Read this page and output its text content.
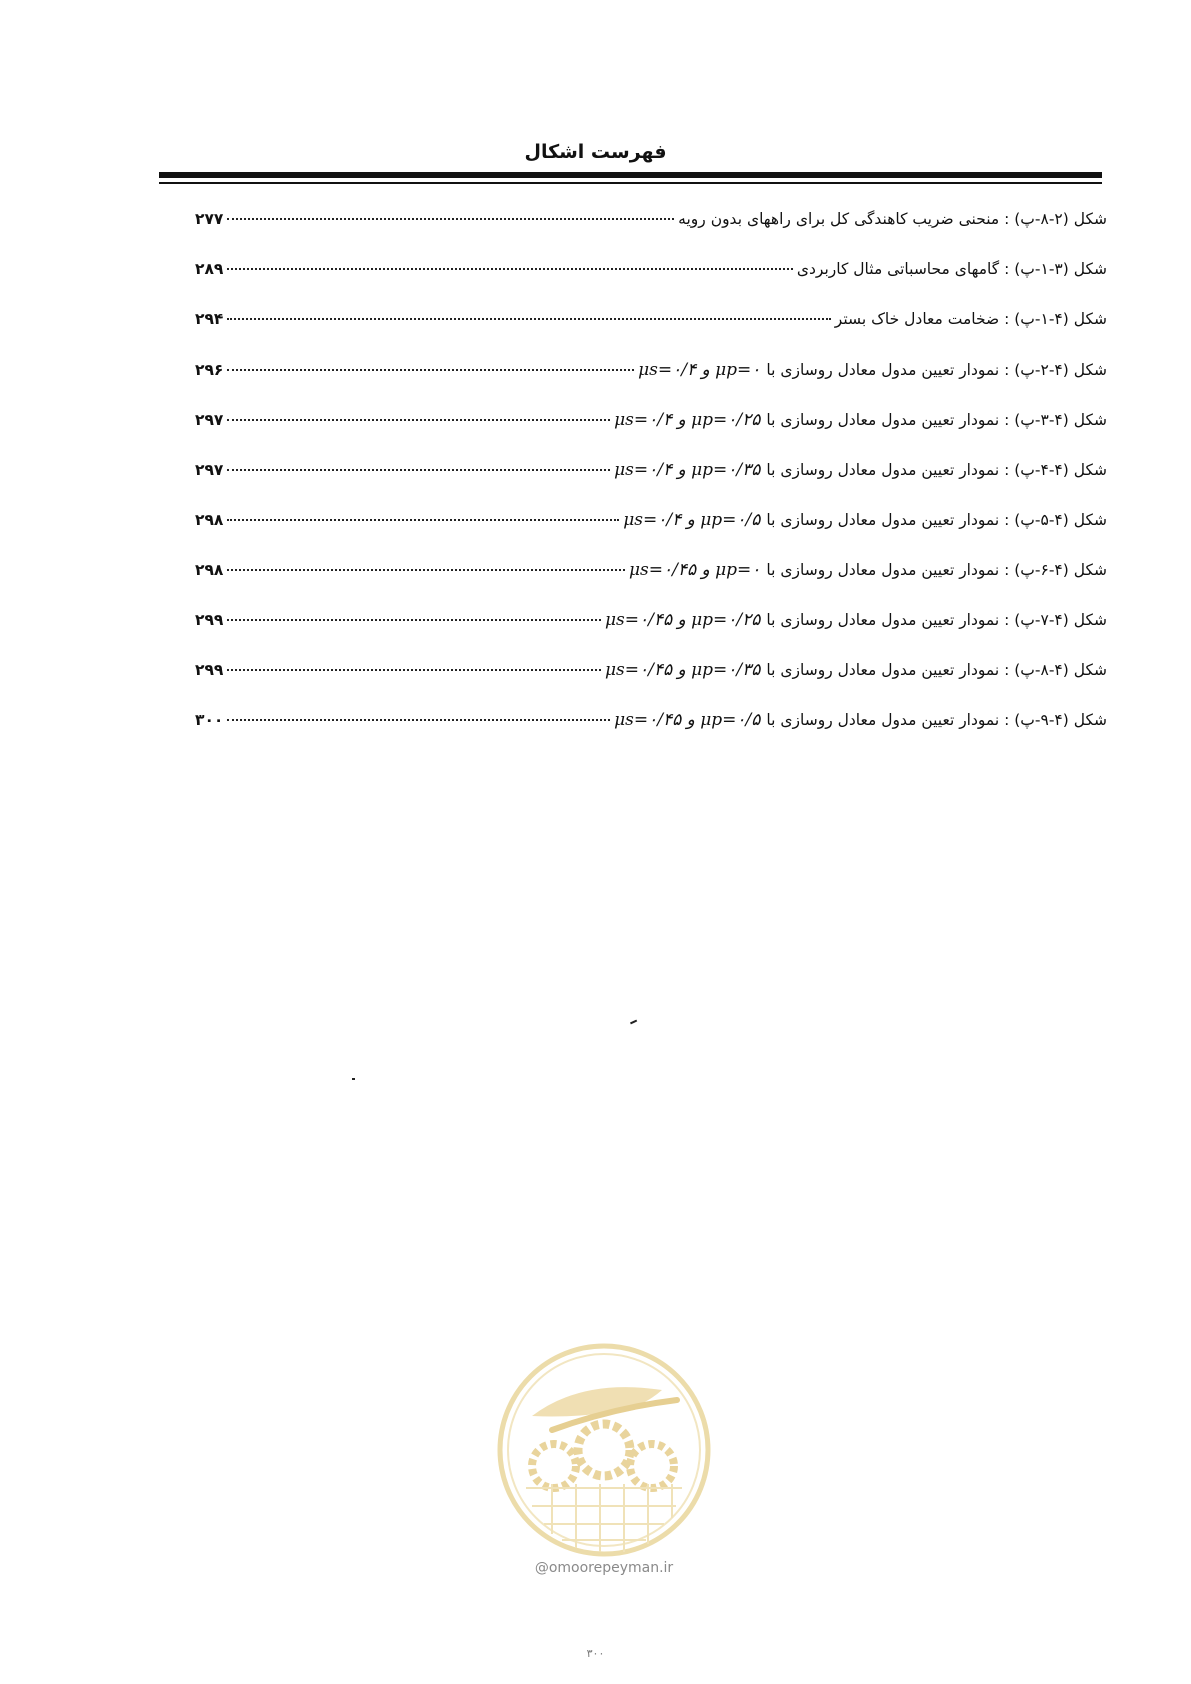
فهرست اشکال
شکل (۲-۸-پ) : منحنی ضریب کاهندگی کل برای راههای بدون رویه
۲۷۷
شکل (۳-۱-پ) : گامهای محاسباتی مثال کاربردی
۲۸۹
شکل (۴-۱-پ) : ضخامت معادل خاک بستر
۲۹۴
شکل (۴-۲-پ) : نمودار تعیین مدول معادل روسازی با
μs=۰/۴ و μp=۰
۲۹۶
شکل (۴-۳-پ) : نمودار تعیین مدول معادل روسازی با
μs=۰/۴ و μp=۰/۲۵
۲۹۷
شکل (۴-۴-پ) : نمودار تعیین مدول معادل روسازی با
μs=۰/۴ و μp=۰/۳۵
۲۹۷
شکل (۴-۵-پ) : نمودار تعیین مدول معادل روسازی با
μs=۰/۴ و μp=۰/۵
۲۹۸
شکل (۴-۶-پ) : نمودار تعیین مدول معادل روسازی با
μs=۰/۴۵ و μp=۰
۲۹۸
شکل (۴-۷-پ) : نمودار تعیین مدول معادل روسازی با
μs=۰/۴۵ و μp=۰/۲۵
۲۹۹
شکل (۴-۸-پ) : نمودار تعیین مدول معادل روسازی با
μs=۰/۴۵ و μp=۰/۳۵
۲۹۹
شکل (۴-۹-پ) : نمودار تعیین مدول معادل روسازی با
μs=۰/۴۵ و μp=۰/۵
۳۰۰
@omoorepeyman.ir
۳۰۰
